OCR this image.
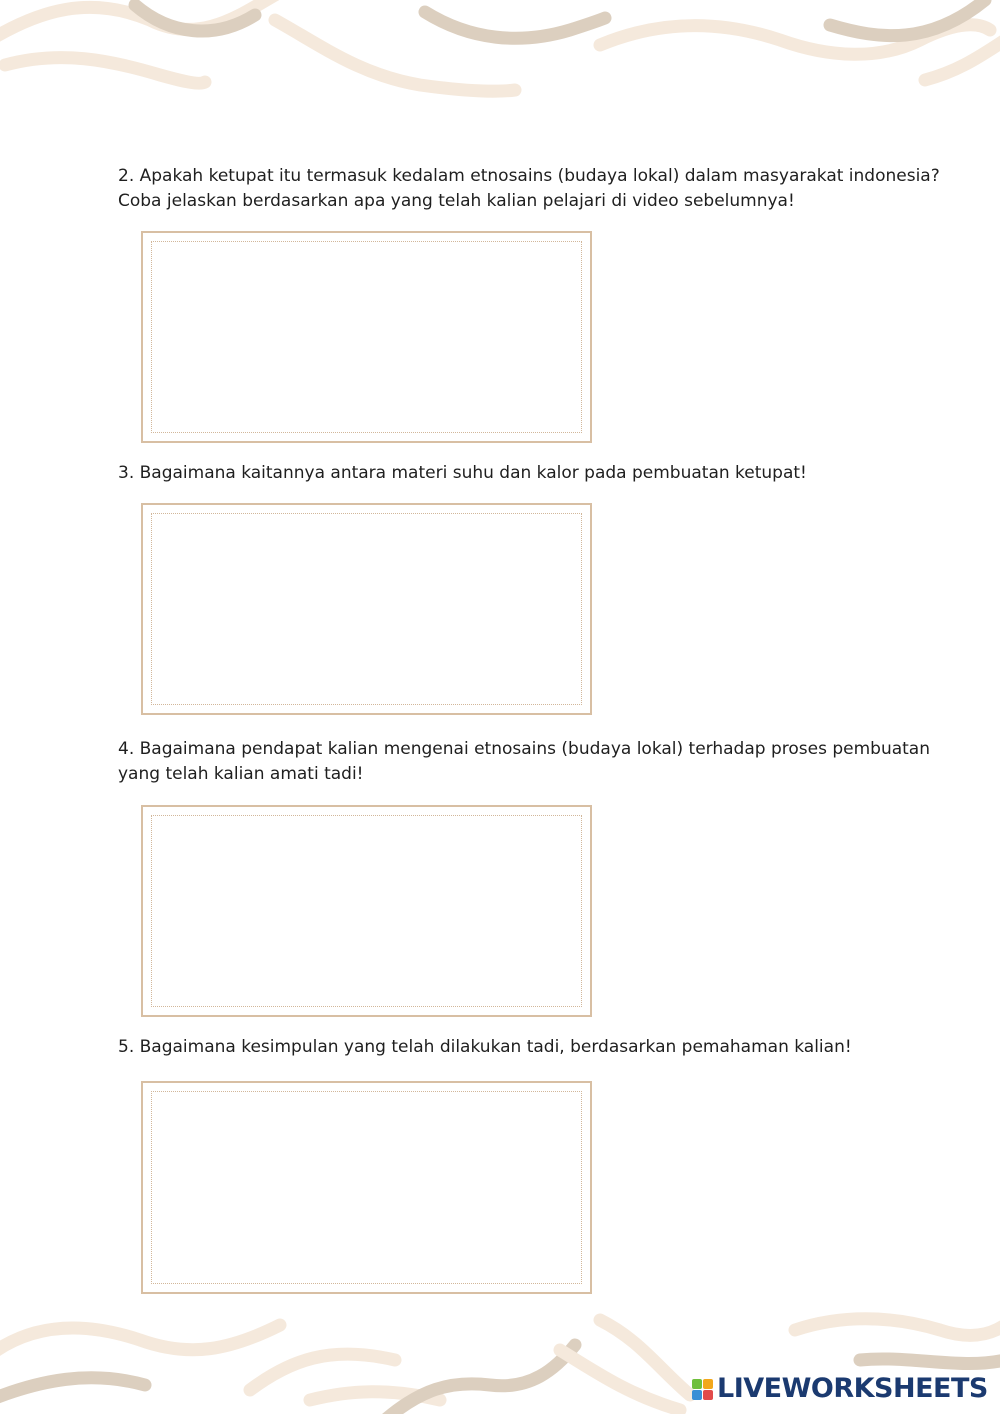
2. Apakah ketupat itu termasuk kedalam etnosains (budaya lokal) dalam masyarakat indonesia?
Coba jelaskan berdasarkan apa yang telah kalian pelajari di video sebelumnya!

3. Bagaimana kaitannya antara materi suhu dan kalor pada pembuatan ketupat!

4. Bagaimana pendapat kalian mengenai etnosains (budaya lokal) terhadap proses pembuatan
yang telah kalian amati tadi!

5. Bagaimana kesimpulan yang telah dilakukan tadi, berdasarkan pemahaman kalian!

LIVEWORKSHEETS
